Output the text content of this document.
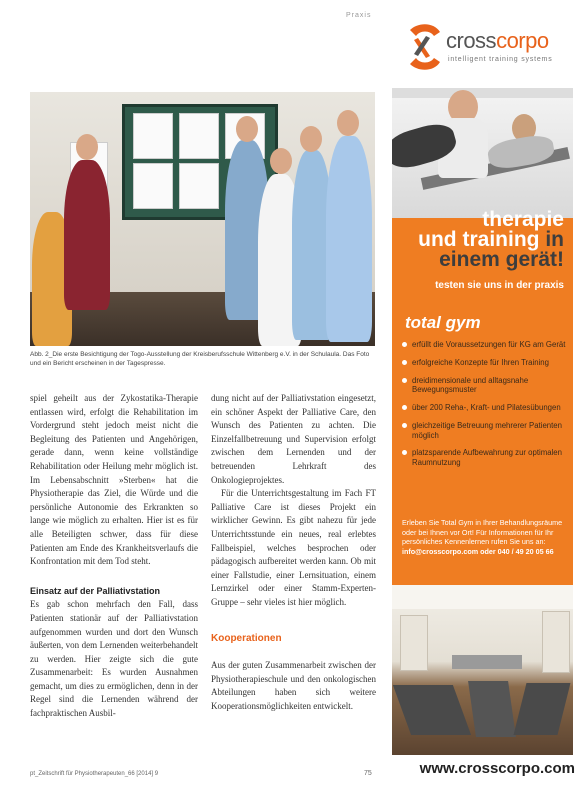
Praxis
Abb. 2_Die erste Besichtigung der Togo-Ausstellung der Kreisberufsschule Wittenberg e.V. in der Schulaula. Das Foto und ein Bericht erscheinen in der Tagespresse.

spiel geheilt aus der Zykostatika-Therapie entlassen wird, erfolgt die Rehabilitation im Vordergrund steht jedoch meist nicht die Begleitung des Patienten und Angehörigen, gerade dann, wenn keine vollständige Rehabilitation oder Heilung mehr möglich ist. Im Lebensabschnitt »Sterben« hat die Physiotherapie das Ziel, die Würde und die persönliche Autonomie des Erkrankten so lange wie möglich zu erhalten. Hier ist es für alle Beteiligten schwer, dass für diese Patienten am Ende des Krankheitsverlaufs die Konfrontation mit dem Tod steht.

Einsatz auf der Palliativstation

Es gab schon mehrfach den Fall, dass Patienten stationär auf der Palliativstation aufgenommen wurden und dort den Wunsch äußerten, von dem Lernenden weiterbehandelt zu werden. Hier zeigte sich die gute Zusammenarbeit: Es wurden Ausnahmen gemacht, um dies zu ermöglichen, denn in der Regel sind die Lernenden während der fachpraktischen Ausbil-

dung nicht auf der Palliativstation eingesetzt, ein schöner Aspekt der Palliative Care, den Wunsch des Patienten zu achten. Die Einzelfallbetreuung und Supervision erfolgt zwischen dem Lernenden und der betreuenden Lehrkraft des Onkologieprojektes.

Für die Unterrichtsgestaltung im Fach FT Palliative Care ist dieses Projekt ein wirklicher Gewinn. Es gibt nahezu für jede Unterrichtsstunde ein neues, real erlebtes Fallbeispiel, welches besprochen oder pädagogisch aufbereitet werden kann. Ob mit einer Fallstudie, einer Lernsituation, einem Lernzirkel oder einer Stamm-Experten-Gruppe – sehr vieles ist hier möglich.

Kooperationen

Aus der guten Zusammenarbeit zwischen der Physiotherapieschule und den onkologischen Abteilungen haben sich weitere Kooperationsmöglichkeiten entwickelt.

pt_Zeitschrift für Physiotherapeuten_66 [2014] 9	75
crosscorpo
intelligent training systems
therapie
und training in
einem gerät!
testen sie uns in der praxis
total gym
erfüllt die Voraussetzungen für KG am Gerät
erfolgreiche Konzepte für Ihren Training
dreidimensionale und alltagsnahe Bewegungsmuster
über 200 Reha-, Kraft- und Pilatesübungen
gleichzeitige Betreuung mehrerer Patienten möglich
platzsparende Aufbewahrung zur optimalen Raumnutzung
Erleben Sie Total Gym in Ihrer Behandlungsräume oder bei Ihnen vor Ort! Für Informationen für Ihr persönliches Kennenlernen rufen Sie uns an: info@crosscorpo.com oder 040 / 49 20 05 66
www.crosscorpo.com
